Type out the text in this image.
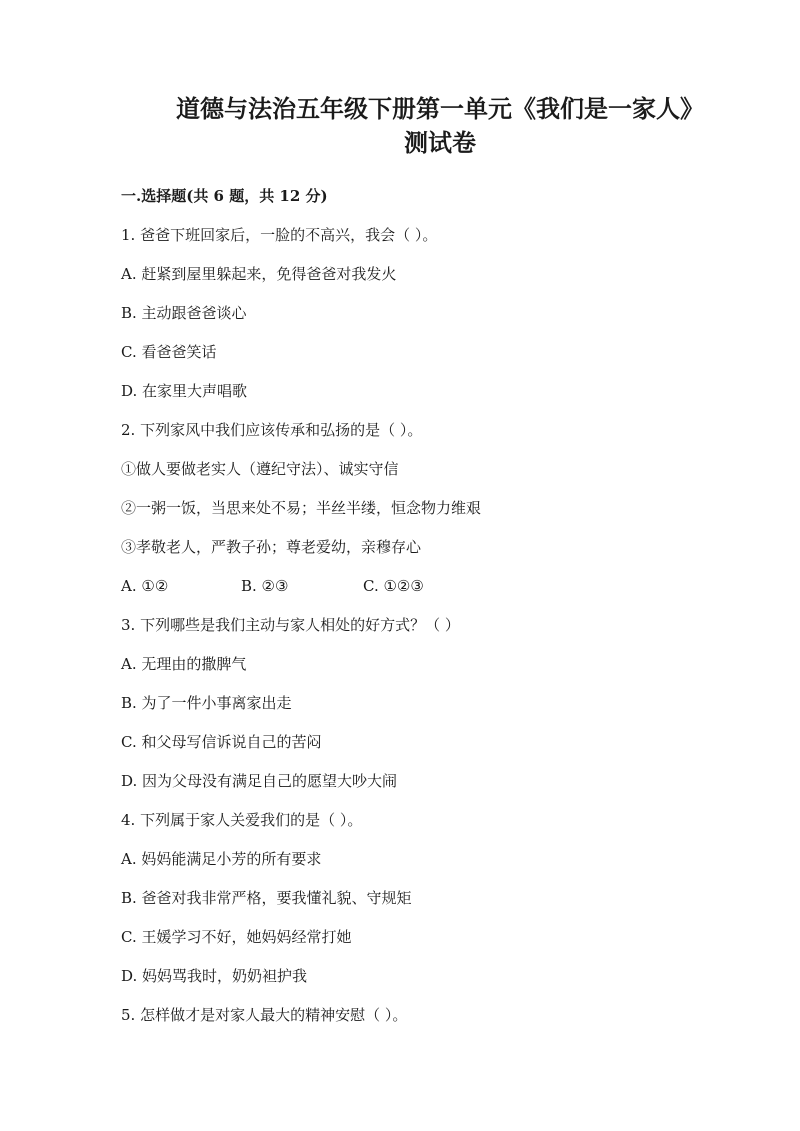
道德与法治五年级下册第一单元《我们是一家人》
测试卷
一.选择题(共 6 题，共 12 分)
1. 爸爸下班回家后，一脸的不高兴，我会（ ）。
A. 赶紧到屋里躲起来，免得爸爸对我发火
B. 主动跟爸爸谈心
C. 看爸爸笑话
D. 在家里大声唱歌
2. 下列家风中我们应该传承和弘扬的是（ ）。
①做人要做老实人（遵纪守法）、诚实守信
②一粥一饭，当思来处不易；半丝半缕，恒念物力维艰
③孝敬老人，严教子孙；尊老爱幼，亲穆存心
A. ①②	B. ②③	C. ①②③
3. 下列哪些是我们主动与家人相处的好方式？（ ）
A. 无理由的撒脾气
B. 为了一件小事离家出走
C. 和父母写信诉说自己的苦闷
D. 因为父母没有满足自己的愿望大吵大闹
4. 下列属于家人关爱我们的是（ ）。
A. 妈妈能满足小芳的所有要求
B. 爸爸对我非常严格，要我懂礼貌、守规矩
C. 王媛学习不好，她妈妈经常打她
D. 妈妈骂我时，奶奶袒护我
5. 怎样做才是对家人最大的精神安慰（ ）。
